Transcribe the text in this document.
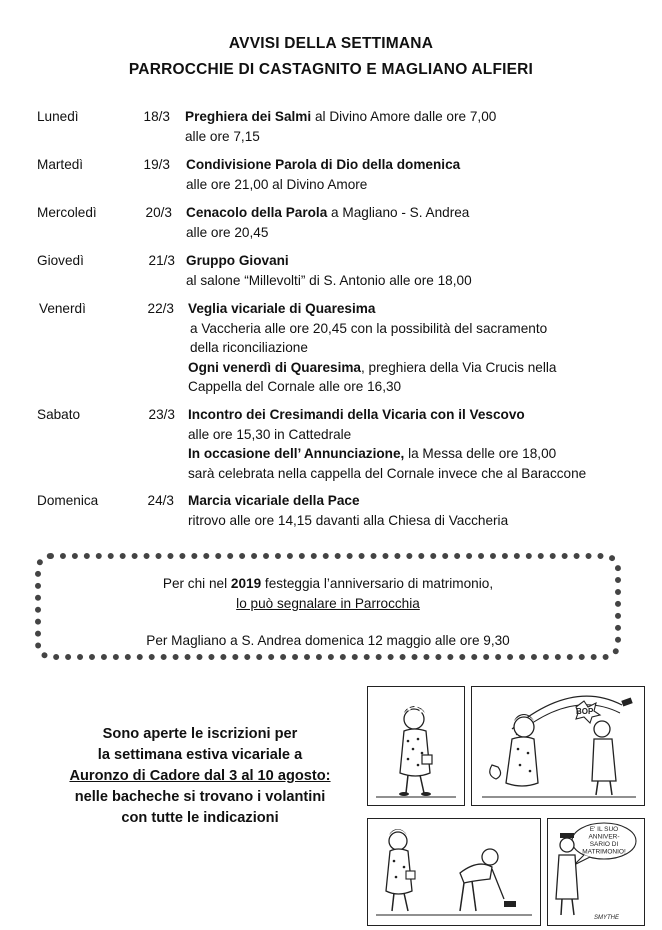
AVVISI DELLA SETTIMANA
PARROCCHIE DI CASTAGNITO E MAGLIANO ALFIERI
Lunedì	18/3 Preghiera dei Salmi al Divino Amore dalle ore 7,00
alle ore 7,15
Martedì	19/3 Condivisione Parola di Dio della domenica
alle ore 21,00 al Divino Amore
Mercoledì	20/3 Cenacolo della Parola a Magliano - S. Andrea
alle ore 20,45
Giovedì	21/3 Gruppo Giovani
al salone “Millevolti” di S. Antonio alle ore 18,00
Venerdì	22/3 Veglia vicariale di Quaresima
a Vaccheria alle ore 20,45 con la possibilità del sacramento
della riconciliazione
Ogni venerdì di Quaresima, preghiera della Via Crucis nella
Cappella del Cornale alle ore 16,30
Sabato	23/3 Incontro dei Cresimandi della Vicaria con il Vescovo
alle ore 15,30 in Cattedrale
In occasione dell’ Annunciazione, la Messa delle ore 18,00
sarà celebrata nella cappella del Cornale invece che al Baraccone
Domenica	24/3 Marcia vicariale della Pace
ritrovo alle ore 14,15 davanti alla Chiesa di Vaccheria
Per chi nel 2019 festeggia l’anniversario di matrimonio,
lo può segnalare in Parrocchia
Per Magliano a S. Andrea domenica 12 maggio alle ore 9,30
Sono aperte le iscrizioni per
la settimana estiva vicariale a
Auronzo di Cadore dal 3 al 10 agosto:
nelle bacheche si trovano i volantini
con tutte le indicazioni
BOP
E' IL SUO
ANNIVER-
SARIO DI
MATRIMONIO!
SMYTHE
